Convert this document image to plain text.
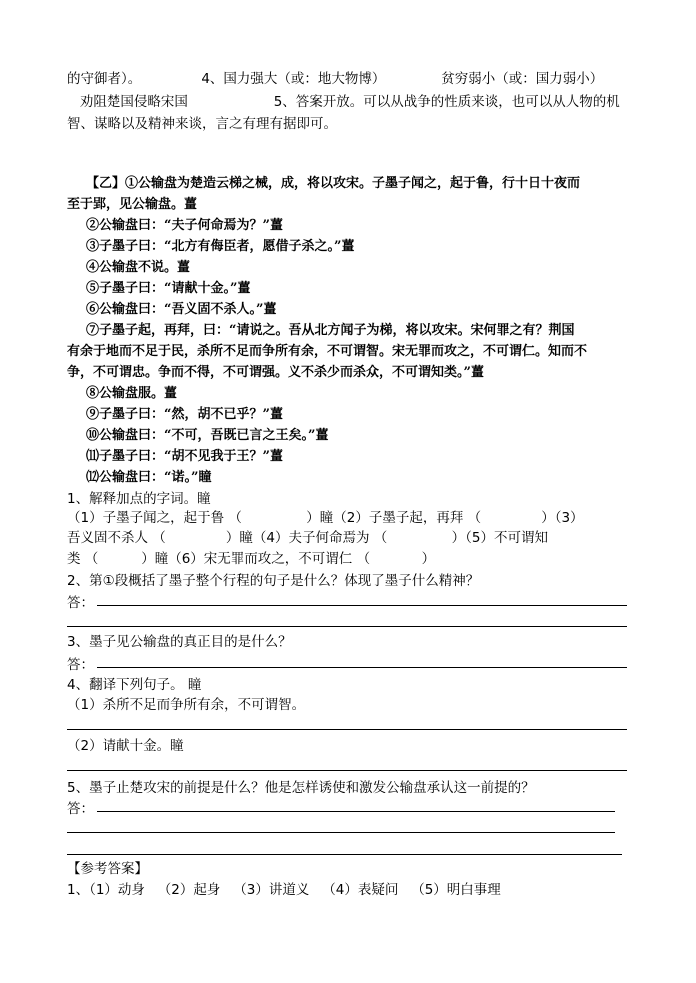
的守御者）。              4、国力强大（或：地大物博）             贫穷弱小（或：国力弱小）
劝阻楚国侵略宋国                    5、答案开放。可以从战争的性质来谈，也可以从人物的机
智、谋略以及精神来谈，言之有理有据即可。
【乙】①公输盘为楚造云梯之械，成，将以攻宋。子墨子闻之，起于鲁，行十日十夜而
至于郢，见公输盘。薑
②公输盘曰：“夫子何命焉为？”薑
③子墨子曰：“北方有侮臣者，愿借子杀之。”薑
④公输盘不说。薑
⑤子墨子曰：“请献十金。”薑
⑥公输盘曰：“吾义固不杀人。”薑
⑦子墨子起，再拜，曰：“请说之。吾从北方闻子为梯，将以攻宋。宋何罪之有？荆国
有余于地而不足于民，杀所不足而争所有余，不可谓智。宋无罪而攻之，不可谓仁。知而不
争，不可谓忠。争而不得，不可谓强。义不杀少而杀众，不可谓知类。”薑
⑧公输盘服。薑
⑨子墨子曰：“然，胡不已乎？”薑
⑩公输盘曰：“不可，吾既已言之王矣。”薑
⑾子墨子曰：“胡不见我于王？”薑
⑿公输盘曰：“诺。”瞳
1、解释加点的字词。瞳
（1）子墨子闻之，起于鲁 （               ）瞳（2）子墨子起，再拜 （              ）（3）
吾义固不杀人 （              ）瞳（4）夫子何命焉为 （               ）（5）不可谓知
类 （          ）瞳（6）宋无罪而攻之，不可谓仁 （            ）
2、第①段概括了墨子整个行程的句子是什么？体现了墨子什么精神？
答：
3、墨子见公输盘的真正目的是什么？
答：
4、翻译下列句子。 瞳
（1）杀所不足而争所有余，不可谓智。
（2）请献十金。瞳
5、墨子止楚攻宋的前提是什么？他是怎样诱使和激发公输盘承认这一前提的？
答：
【参考答案】
1、（1）动身   （2）起身   （3）讲道义   （4）表疑问   （5）明白事理
